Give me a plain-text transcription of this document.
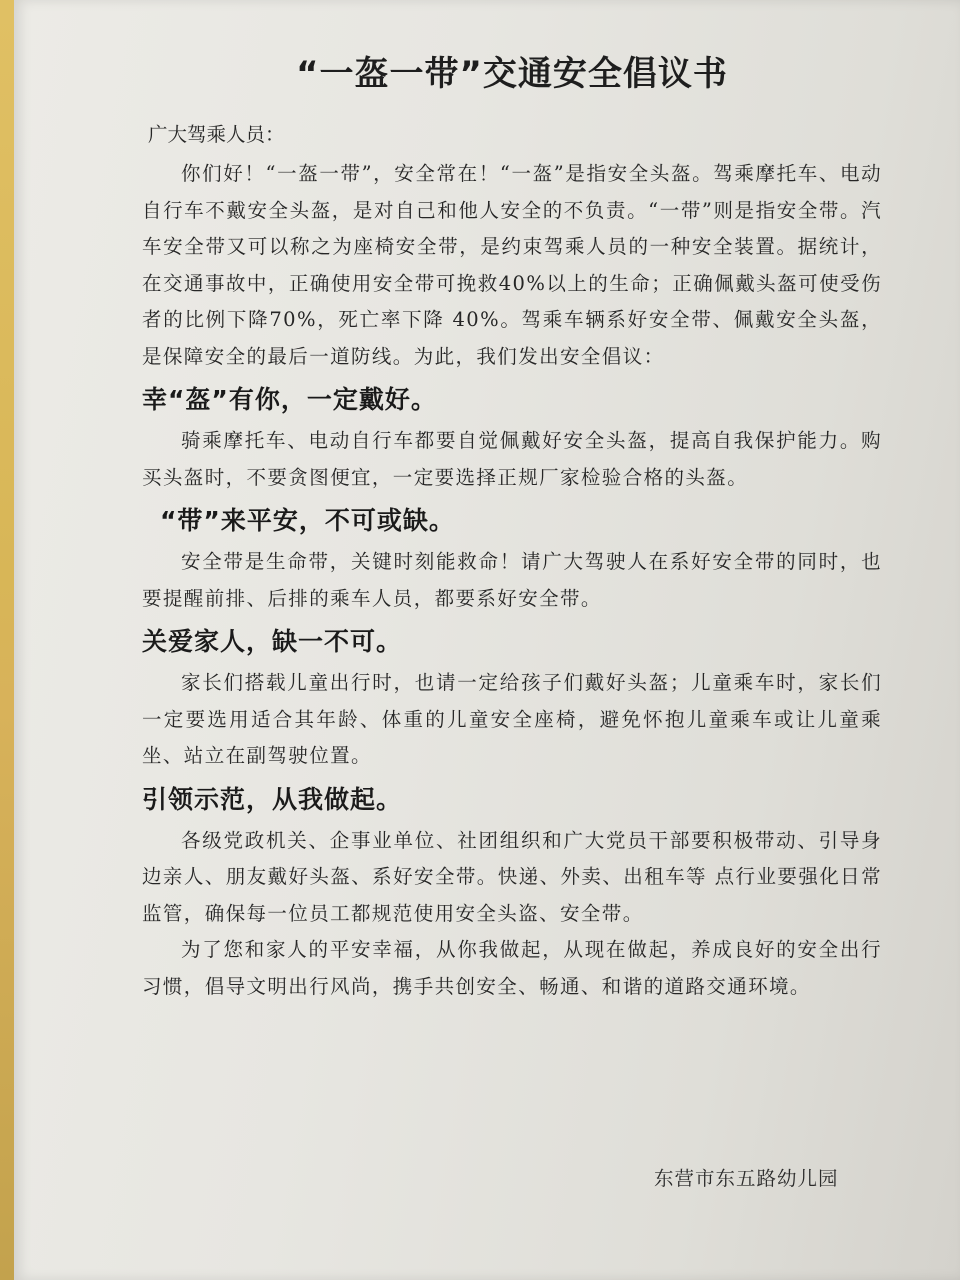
“一盔一带”交通安全倡议书

广大驾乘人员：

你们好！“一盔一带”，安全常在！“一盔”是指安全头盔。驾乘摩托车、电动自行车不戴安全头盔，是对自己和他人安全的不负责。“一带”则是指安全带。汽车安全带又可以称之为座椅安全带，是约束驾乘人员的一种安全装置。据统计，在交通事故中，正确使用安全带可挽救40%以上的生命；正确佩戴头盔可使受伤者的比例下降70%，死亡率下降 40%。驾乘车辆系好安全带、佩戴安全头盔，是保障安全的最后一道防线。为此，我们发出安全倡议：

幸“盔”有你，一定戴好。

骑乘摩托车、电动自行车都要自觉佩戴好安全头盔，提高自我保护能力。购买头盔时，不要贪图便宜，一定要选择正规厂家检验合格的头盔。

“带”来平安，不可或缺。

安全带是生命带，关键时刻能救命！请广大驾驶人在系好安全带的同时，也要提醒前排、后排的乘车人员，都要系好安全带。

关爱家人，缺一不可。

家长们搭载儿童出行时，也请一定给孩子们戴好头盔；儿童乘车时，家长们一定要选用适合其年龄、体重的儿童安全座椅，避免怀抱儿童乘车或让儿童乘坐、站立在副驾驶位置。

引领示范，从我做起。

各级党政机关、企事业单位、社团组织和广大党员干部要积极带动、引导身边亲人、朋友戴好头盔、系好安全带。快递、外卖、出租车等 点行业要强化日常监管，确保每一位员工都规范使用安全头盗、安全带。

为了您和家人的平安幸福，从你我做起，从现在做起，养成良好的安全出行习惯，倡导文明出行风尚，携手共创安全、畅通、和谐的道路交通环境。

东营市东五路幼儿园
